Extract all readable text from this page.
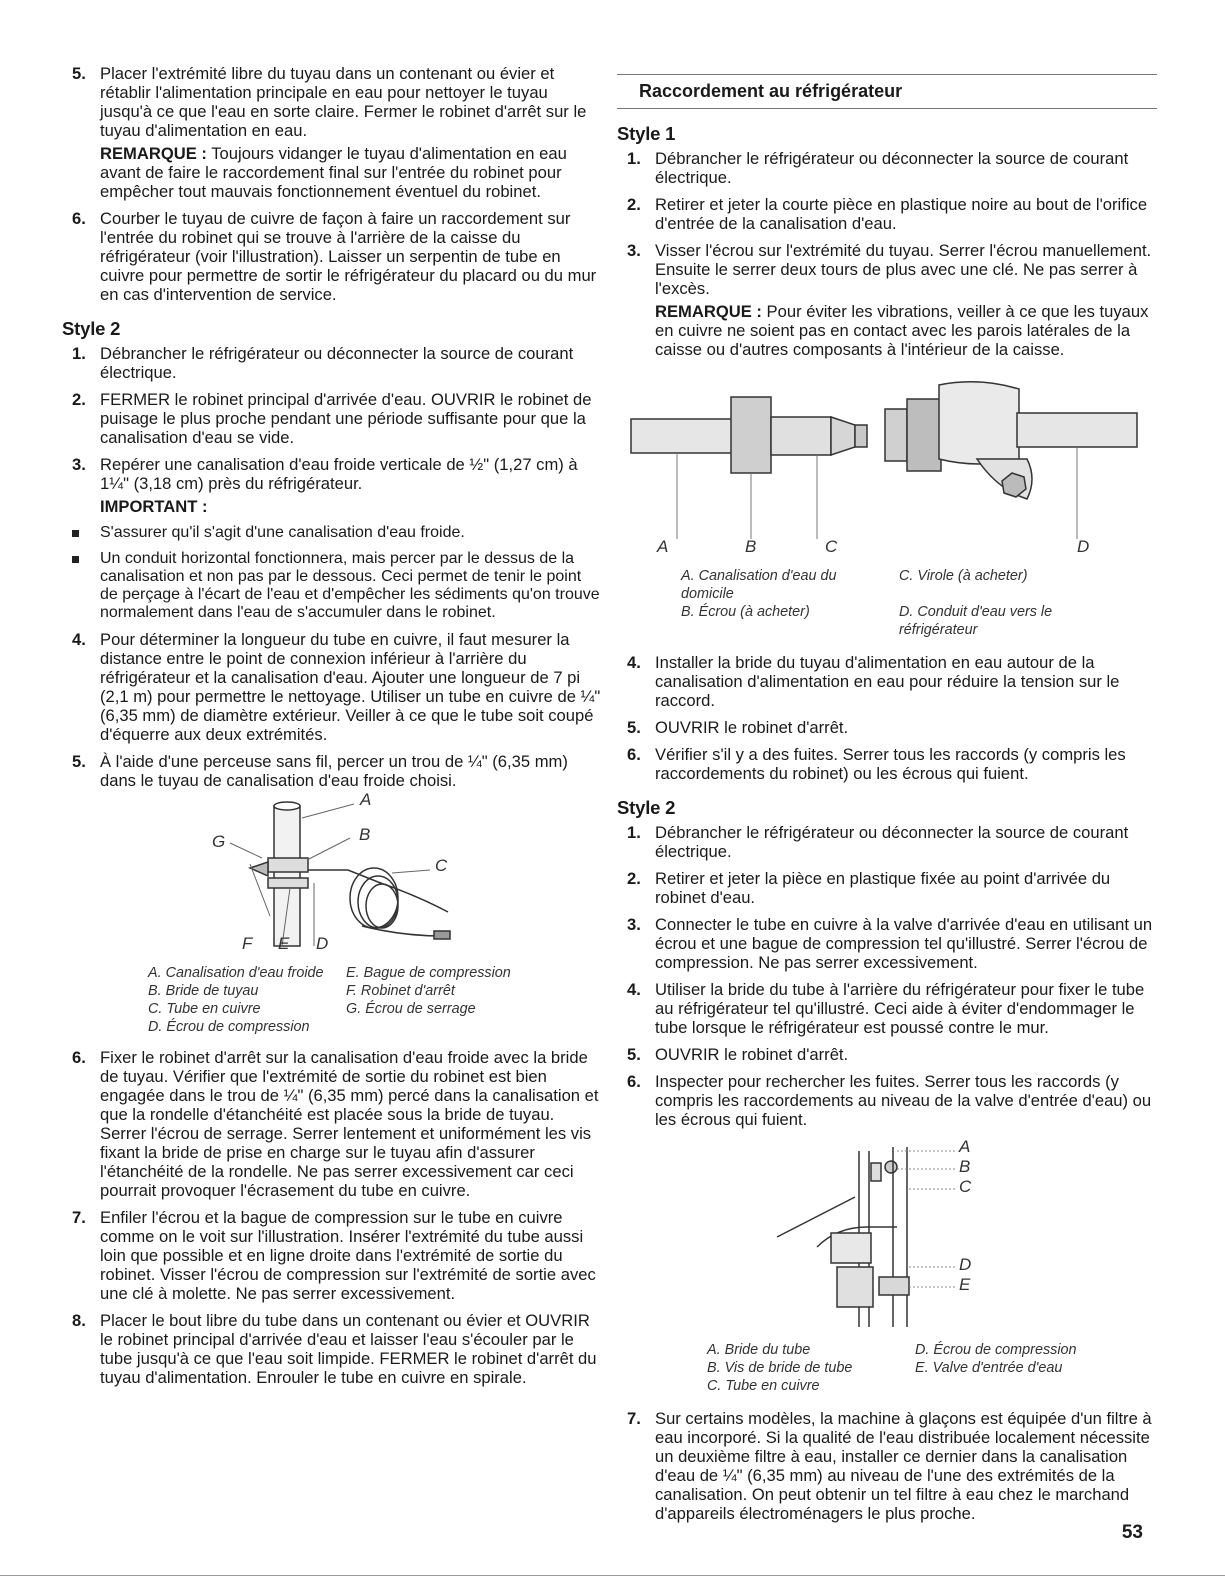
5. Placer l'extrémité libre du tuyau dans un contenant ou évier et rétablir l'alimentation principale en eau pour nettoyer le tuyau jusqu'à ce que l'eau en sorte claire. Fermer le robinet d'arrêt sur le tuyau d'alimentation en eau.

REMARQUE : Toujours vidanger le tuyau d'alimentation en eau avant de faire le raccordement final sur l'entrée du robinet pour empêcher tout mauvais fonctionnement éventuel du robinet.

6. Courber le tuyau de cuivre de façon à faire un raccordement sur l'entrée du robinet qui se trouve à l'arrière de la caisse du réfrigérateur (voir l'illustration). Laisser un serpentin de tube en cuivre pour permettre de sortir le réfrigérateur du placard ou du mur en cas d'intervention de service.
Style 2
1. Débrancher le réfrigérateur ou déconnecter la source de courant électrique.
2. FERMER le robinet principal d'arrivée d'eau. OUVRIR le robinet de puisage le plus proche pendant une période suffisante pour que la canalisation d'eau se vide.
3. Repérer une canalisation d'eau froide verticale de ½" (1,27 cm) à 1¼" (3,18 cm) près du réfrigérateur.
IMPORTANT :
S'assurer qu'il s'agit d'une canalisation d'eau froide.
Un conduit horizontal fonctionnera, mais percer par le dessus de la canalisation et non pas par le dessous. Ceci permet de tenir le point de perçage à l'écart de l'eau et d'empêcher les sédiments qu'on trouve normalement dans l'eau de s'accumuler dans le robinet.
4. Pour déterminer la longueur du tube en cuivre, il faut mesurer la distance entre le point de connexion inférieur à l'arrière du réfrigérateur et la canalisation d'eau. Ajouter une longueur de 7 pi (2,1 m) pour permettre le nettoyage. Utiliser un tube en cuivre de ¼" (6,35 mm) de diamètre extérieur. Veiller à ce que le tube soit coupé d'équerre aux deux extrémités.
5. À l'aide d'une perceuse sans fil, percer un trou de ¼" (6,35 mm) dans le tuyau de canalisation d'eau froide choisi.
A
B
C
G
F E D
A. Canalisation d'eau froide	E. Bague de compression
B. Bride de tuyau	F. Robinet d'arrêt
C. Tube en cuivre	G. Écrou de serrage
D. Écrou de compression
6. Fixer le robinet d'arrêt sur la canalisation d'eau froide avec la bride de tuyau. Vérifier que l'extrémité de sortie du robinet est bien engagée dans le trou de ¼" (6,35 mm) percé dans la canalisation et que la rondelle d'étanchéité est placée sous la bride de tuyau. Serrer l'écrou de serrage. Serrer lentement et uniformément les vis fixant la bride de prise en charge sur le tuyau afin d'assurer l'étanchéité de la rondelle. Ne pas serrer excessivement car ceci pourrait provoquer l'écrasement du tube en cuivre.
7. Enfiler l'écrou et la bague de compression sur le tube en cuivre comme on le voit sur l'illustration. Insérer l'extrémité du tube aussi loin que possible et en ligne droite dans l'extrémité de sortie du robinet. Visser l'écrou de compression sur l'extrémité de sortie avec une clé à molette. Ne pas serrer excessivement.
8. Placer le bout libre du tube dans un contenant ou évier et OUVRIR le robinet principal d'arrivée d'eau et laisser l'eau s'écouler par le tube jusqu'à ce que l'eau soit limpide. FERMER le robinet d'arrêt du tuyau d'alimentation. Enrouler le tube en cuivre en spirale.
Raccordement au réfrigérateur
Style 1
1. Débrancher le réfrigérateur ou déconnecter la source de courant électrique.
2. Retirer et jeter la courte pièce en plastique noire au bout de l'orifice d'entrée de la canalisation d'eau.
3. Visser l'écrou sur l'extrémité du tuyau. Serrer l'écrou manuellement. Ensuite le serrer deux tours de plus avec une clé. Ne pas serrer à l'excès.

REMARQUE : Pour éviter les vibrations, veiller à ce que les tuyaux en cuivre ne soient pas en contact avec les parois latérales de la caisse ou d'autres composants à l'intérieur de la caisse.

A	B	C	D
A. Canalisation d'eau du domicile
C. Virole (à acheter)
B. Écrou (à acheter)	D. Conduit d'eau vers le réfrigérateur
4. Installer la bride du tuyau d'alimentation en eau autour de la canalisation d'alimentation en eau pour réduire la tension sur le raccord.
5. OUVRIR le robinet d'arrêt.
6. Vérifier s'il y a des fuites. Serrer tous les raccords (y compris les raccordements du robinet) ou les écrous qui fuient.
Style 2
1. Débrancher le réfrigérateur ou déconnecter la source de courant électrique.
2. Retirer et jeter la pièce en plastique fixée au point d'arrivée du robinet d'eau.
3. Connecter le tube en cuivre à la valve d'arrivée d'eau en utilisant un écrou et une bague de compression tel qu'illustré. Serrer l'écrou de compression. Ne pas serrer excessivement.
4. Utiliser la bride du tube à l'arrière du réfrigérateur pour fixer le tube au réfrigérateur tel qu'illustré. Ceci aide à éviter d'endommager le tube lorsque le réfrigérateur est poussé contre le mur.
5. OUVRIR le robinet d'arrêt.
6. Inspecter pour rechercher les fuites. Serrer tous les raccords (y compris les raccordements au niveau de la valve d'entrée d'eau) ou les écrous qui fuient.
A
B
C
D
E
A. Bride du tube	D. Écrou de compression
B. Vis de bride de tube	E. Valve d'entrée d'eau
C. Tube en cuivre
7. Sur certains modèles, la machine à glaçons est équipée d'un filtre à eau incorporé. Si la qualité de l'eau distribuée localement nécessite un deuxième filtre à eau, installer ce dernier dans la canalisation d'eau de ¼" (6,35 mm) au niveau de l'une des extrémités de la canalisation. On peut obtenir un tel filtre à eau chez le marchand d'appareils électroménagers le plus proche.
53
